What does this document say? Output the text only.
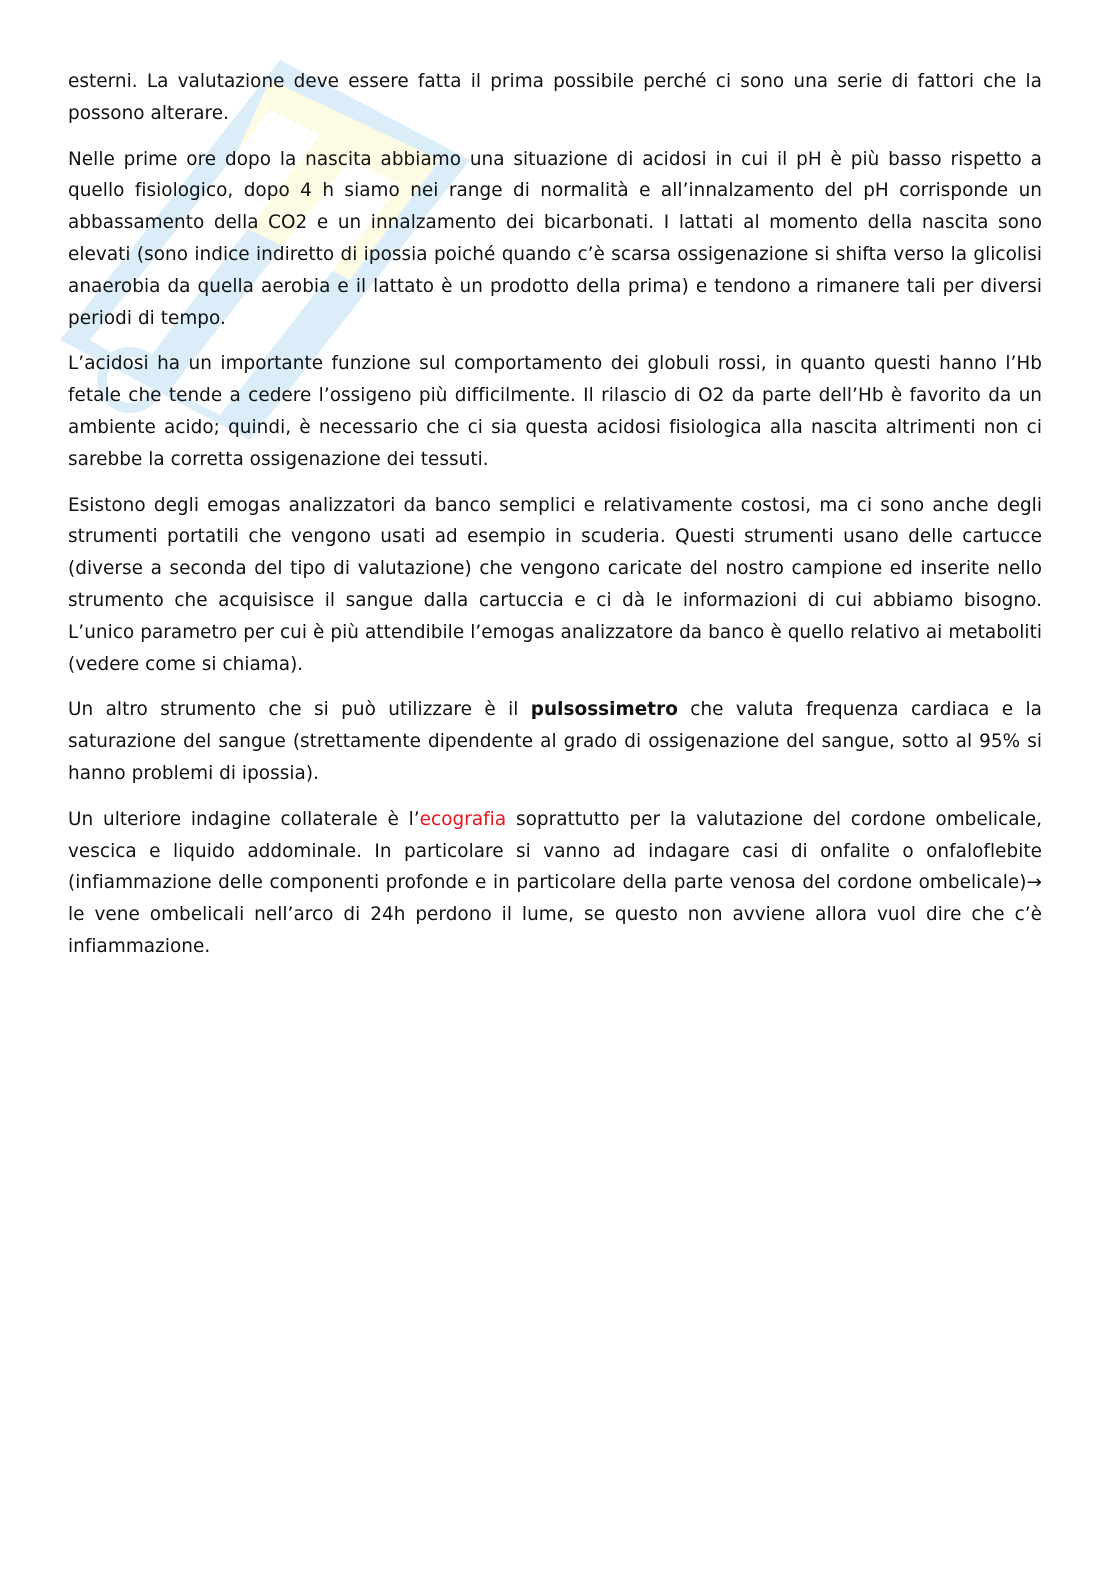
esterni. La valutazione deve essere fatta il prima possibile perché ci sono una serie di fattori che la possono alterare.

Nelle prime ore dopo la nascita abbiamo una situazione di acidosi in cui il pH è più basso rispetto a quello fisiologico, dopo 4 h siamo nei range di normalità e all’innalzamento del pH corrisponde un abbassamento della CO2 e un innalzamento dei bicarbonati. I lattati al momento della nascita sono elevati (sono indice indiretto di ipossia poiché quando c’è scarsa ossigenazione si shifta verso la glicolisi anaerobia da quella aerobia e il lattato è un prodotto della prima) e tendono a rimanere tali per diversi periodi di tempo.

L’acidosi ha un importante funzione sul comportamento dei globuli rossi, in quanto questi hanno l’Hb fetale che tende a cedere l’ossigeno più difficilmente. Il rilascio di O2 da parte dell’Hb è favorito da un ambiente acido; quindi, è necessario che ci sia questa acidosi fisiologica alla nascita altrimenti non ci sarebbe la corretta ossigenazione dei tessuti.

Esistono degli emogas analizzatori da banco semplici e relativamente costosi, ma ci sono anche degli strumenti portatili che vengono usati ad esempio in scuderia. Questi strumenti usano delle cartucce (diverse a seconda del tipo di valutazione) che vengono caricate del nostro campione ed inserite nello strumento che acquisisce il sangue dalla cartuccia e ci dà le informazioni di cui abbiamo bisogno. L’unico parametro per cui è più attendibile l’emogas analizzatore da banco è quello relativo ai metaboliti (vedere come si chiama).

Un altro strumento che si può utilizzare è il pulsossimetro che valuta frequenza cardiaca e la saturazione del sangue (strettamente dipendente al grado di ossigenazione del sangue, sotto al 95% si hanno problemi di ipossia).

Un ulteriore indagine collaterale è l’ecografia soprattutto per la valutazione del cordone ombelicale, vescica e liquido addominale. In particolare si vanno ad indagare casi di onfalite o onfaloflebite (infiammazione delle componenti profonde e in particolare della parte venosa del cordone ombelicale)→ le vene ombelicali nell’arco di 24h perdono il lume, se questo non avviene allora vuol dire che c’è infiammazione.
